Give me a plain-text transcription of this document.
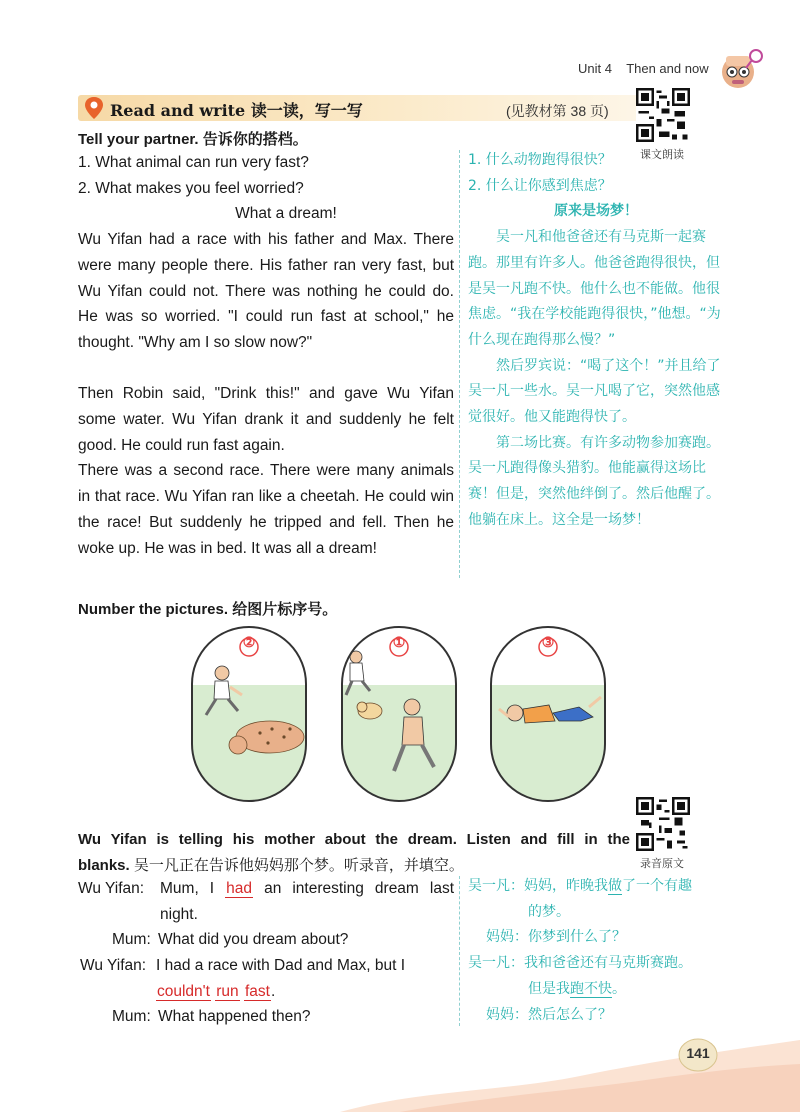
Unit 4 Then and now
Read and write 读一读，写一写	(见教材第 38 页)
课文朗读
Tell your partner. 告诉你的搭档。

1. What animal can run very fast?

2. What makes you feel worried?

What a dream!

Wu Yifan had a race with his father and Max. There were many people there. His father ran very fast, but Wu Yifan could not. There was nothing he could do. He was so worried. "I could run fast at school," he thought. "Why am I so slow now?"

Then Robin said, "Drink this!" and gave Wu Yifan some water. Wu Yifan drank it and suddenly he felt good. He could run fast again.

There was a second race. There were many animals in that race. Wu Yifan ran like a cheetah. He could win the race! But suddenly he tripped and fell. Then he woke up. He was in bed. It was all a dream!

1. 什么动物跑得很快？

2. 什么让你感到焦虑？

原来是场梦！

吴一凡和他爸爸还有马克斯一起赛跑。那里有许多人。他爸爸跑得很快，但是吴一凡跑不快。他什么也不能做。他很焦虑。“我在学校能跑得很快，”他想。“为什么现在跑得那么慢？”

然后罗宾说：“喝了这个！”并且给了吴一凡一些水。吴一凡喝了它，突然他感觉很好。他又能跑得快了。

第二场比赛。有许多动物参加赛跑。吴一凡跑得像头猎豹。他能赢得这场比赛！但是，突然他绊倒了。然后他醒了。他躺在床上。这全是一场梦！

Number the pictures. 给图片标序号。
②	①	③
录音原文
Wu Yifan is telling his mother about the dream. Listen and fill in the
blanks. 吴一凡正在告诉他妈妈那个梦。听录音，并填空。
Wu Yifan: Mum, I had an interesting dream last
night.
Mum: What did you dream about?
Wu Yifan: I had a race with Dad and Max, but I
couldn't run fast.
Mum: What happened then?

吴一凡：妈妈，昨晚我做了一个有趣

的梦。

妈妈：你梦到什么了？

吴一凡：我和爸爸还有马克斯赛跑。

但是我跑不快。

妈妈：然后怎么了？

141
